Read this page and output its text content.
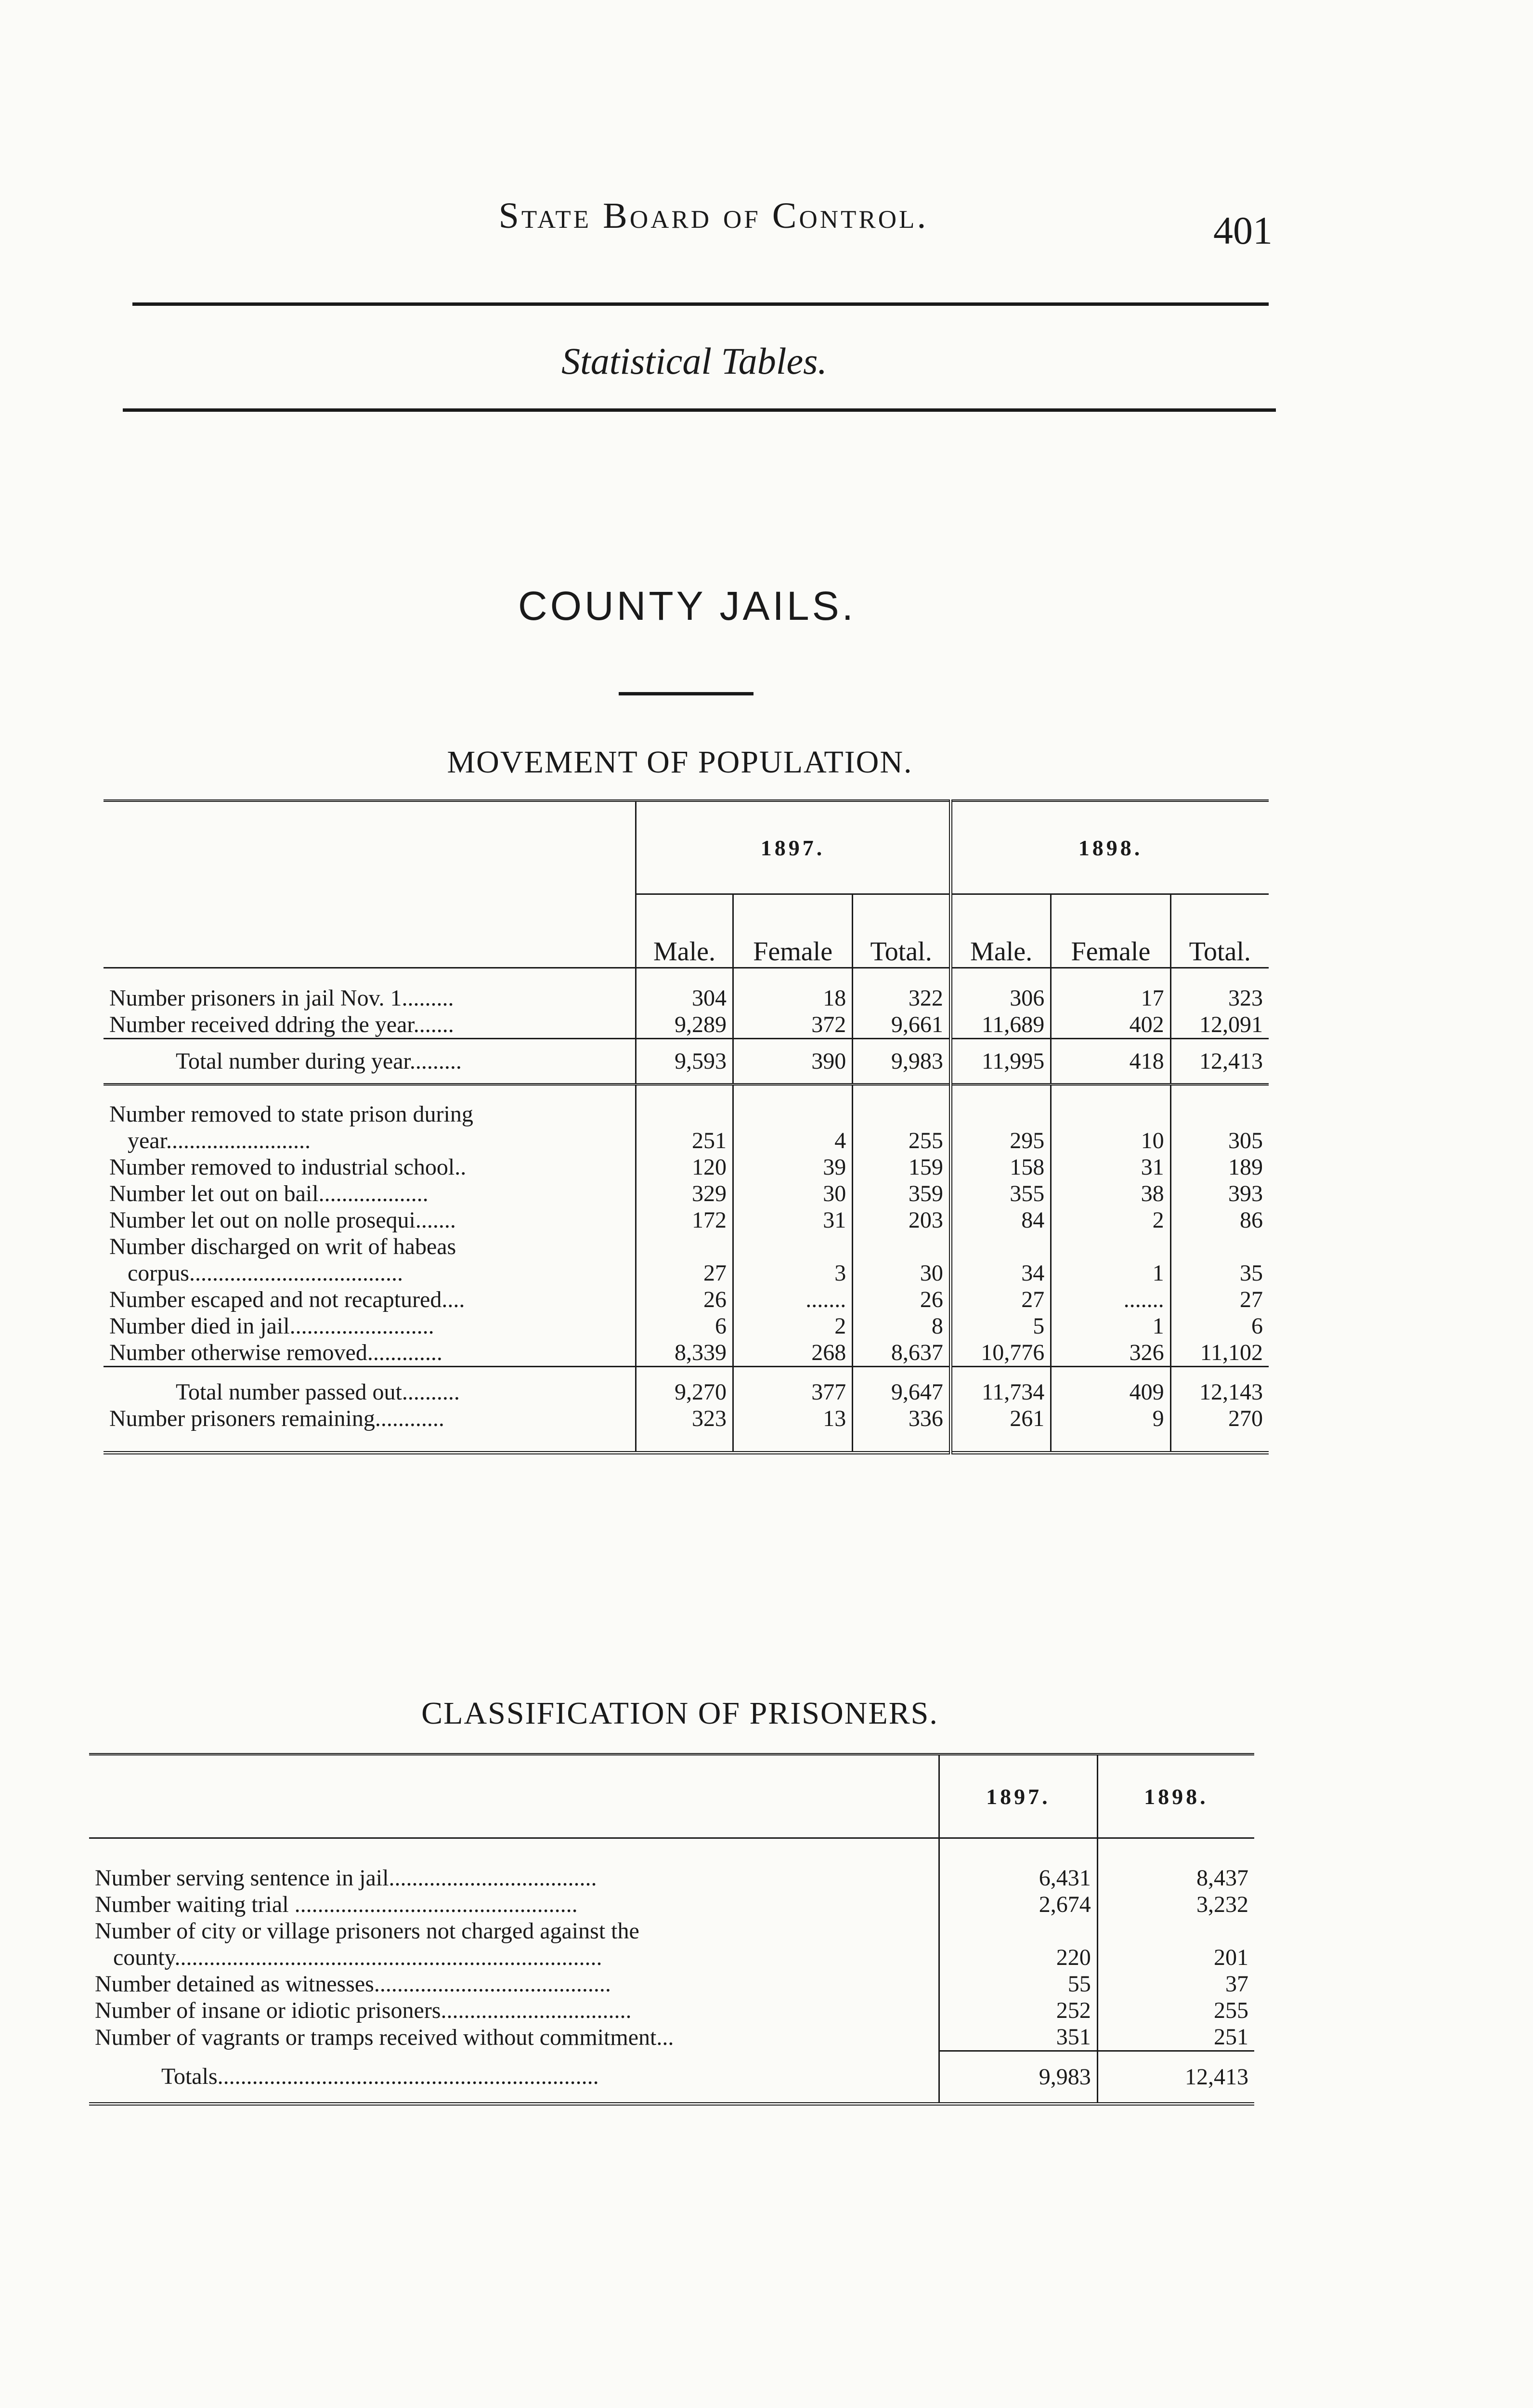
State Board of Control.	401
Statistical Tables.
COUNTY JAILS.
MOVEMENT OF POPULATION.
	1897.			1898.		
	Male.	Female	Total.	Male.	Female	Total.
Number prisoners in jail Nov. 1.........	304	18	322	306	17	323
Number received ddring the year.......	9,289	372	9,661	11,689	402	12,091
Total number during year.........	9,593	390	9,983	11,995	418	12,413
Number removed to state prison during						
year.........................	251	4	255	295	10	305
Number removed to industrial school..	120	39	159	158	31	189
Number let out on bail...................	329	30	359	355	38	393
Number let out on nolle prosequi.......	172	31	203	84	2	86
Number discharged on writ of habeas						
corpus.....................................	27	3	30	34	1	35
Number escaped and not recaptured....	26	.......	26	27	.......	27
Number died in jail.........................	6	2	8	5	1	6
Number otherwise removed.............	8,339	268	8,637	10,776	326	11,102
Total number passed out..........	9,270	377	9,647	11,734	409	12,143
Number prisoners remaining............	323	13	336	261	9	270
CLASSIFICATION OF PRISONERS.
	1897.	1898.
Number serving sentence in jail....................................	6,431	8,437
Number waiting trial .................................................	2,674	3,232
Number of city or village prisoners not charged against the		
county..........................................................................	220	201
Number detained as witnesses.........................................	55	37
Number of insane or idiotic prisoners.................................	252	255
Number of vagrants or tramps received without commitment...	351	251
Totals..................................................................	9,983	12,413
